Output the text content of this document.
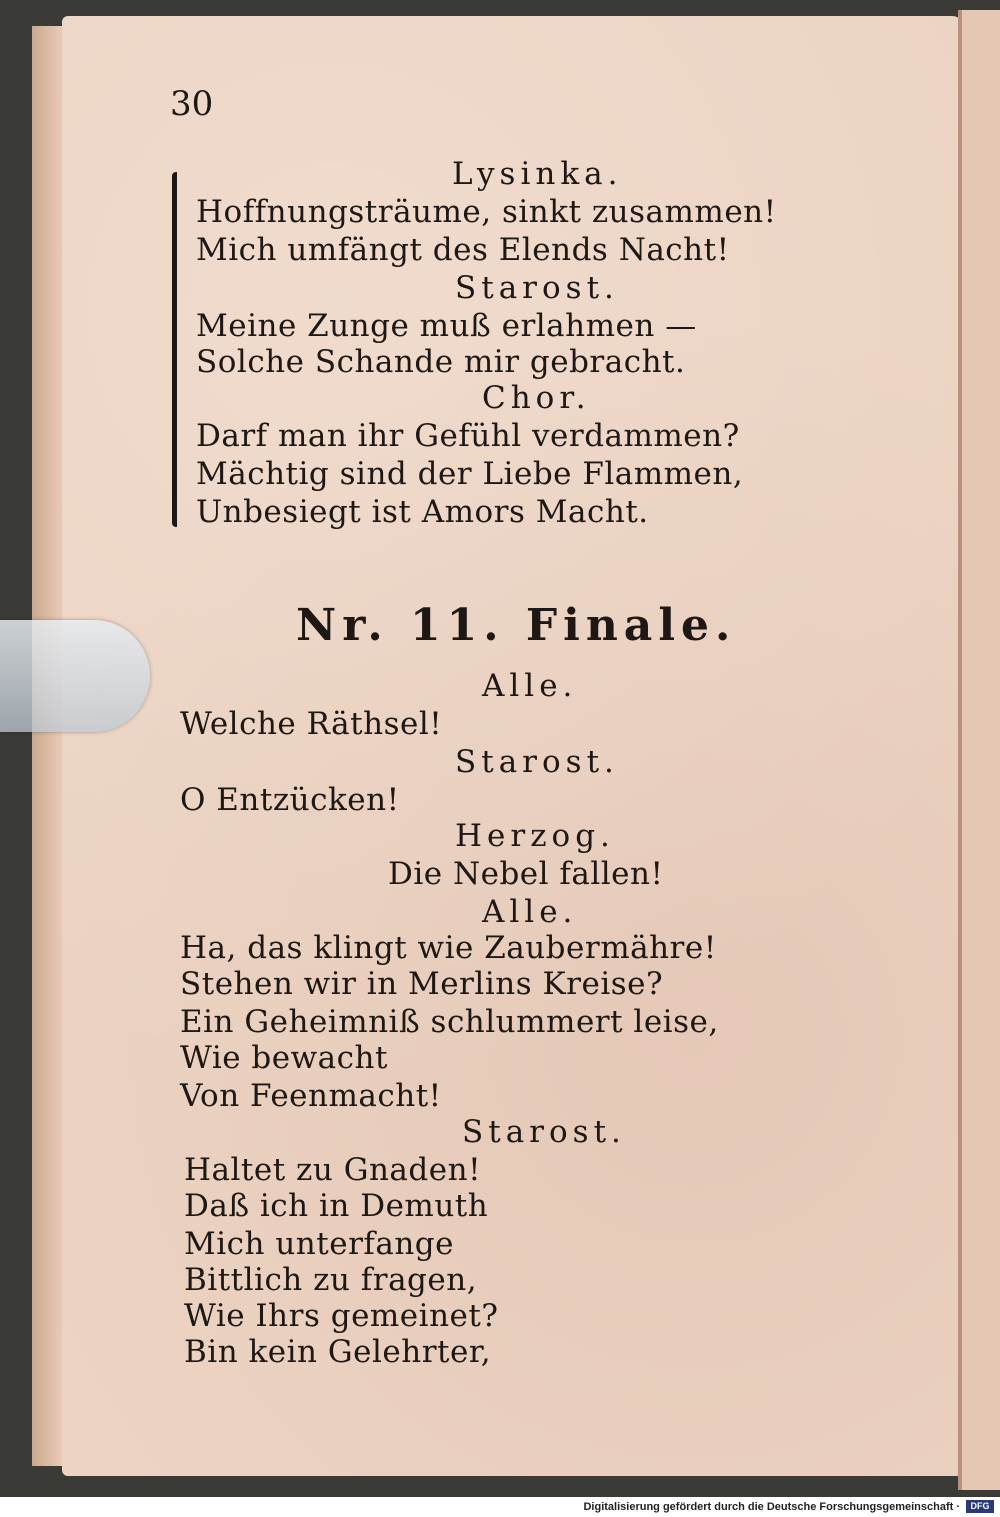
30
Lysinka.
Hoffnungsträume, sinkt zusammen!
Mich umfängt des Elends Nacht!
Starost.
Meine Zunge muß erlahmen —
Solche Schande mir gebracht.
Chor.
Darf man ihr Gefühl verdammen?
Mächtig sind der Liebe Flammen,
Unbesiegt ist Amors Macht.
Nr. 11. Finale.
Alle.
Welche Räthsel!
Starost.
O Entzücken!
Herzog.
Die Nebel fallen!
Alle.
Ha, das klingt wie Zaubermähre!
Stehen wir in Merlins Kreise?
Ein Geheimniß schlummert leise,
Wie bewacht
Von Feenmacht!
Starost.
Haltet zu Gnaden!
Daß ich in Demuth
Mich unterfange
Bittlich zu fragen,
Wie Ihrs gemeinet?
Bin kein Gelehrter,
Digitalisierung gefördert durch die Deutsche Forschungsgemeinschaft ·	DFG
